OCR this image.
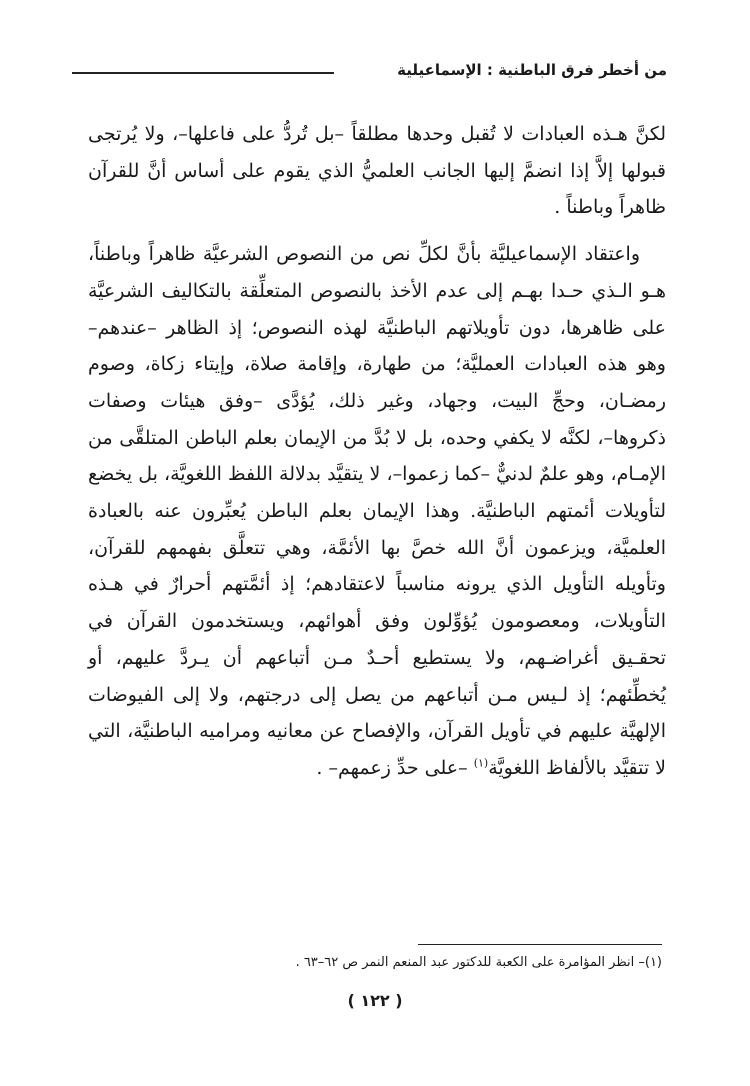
من أخطر فرق الباطنية : الإسماعيلية

لكنَّ هـذه العبادات لا تُقبل وحدها مطلقاً –بل تُردُّ على فاعلها–، ولا يُرتجى قبولها إلاَّ إذا انضمَّ إليها الجانب العلميُّ الذي يقوم على أساس أنَّ للقرآن ظاهراً وباطناً .

واعتقاد الإسماعيليَّة بأنَّ لكلِّ نص من النصوص الشرعيَّة ظاهراً وباطناً، هـو الـذي حـدا بهـم إلى عدم الأخذ بالنصوص المتعلِّقة بالتكاليف الشرعيَّة على ظاهرها، دون تأويلاتهم الباطنيَّة لهذه النصوص؛ إذ الظاهر –عندهم– وهو هذه العبادات العمليَّة؛ من طهارة، وإقامة صلاة، وإيتاء زكاة، وصوم رمضـان، وحجِّ البيت، وجهاد، وغير ذلك، يُؤدَّى –وفق هيئات وصفات ذكروها–، لكنَّه لا يكفي وحده، بل لا بُدَّ من الإيمان بعلم الباطن المتلقَّى من الإمـام، وهو علمٌ لدنيٌّ –كما زعموا–، لا يتقيَّد بدلالة اللفظ اللغويَّة، بل يخضع لتأويلات أئمتهم الباطنيَّة. وهذا الإيمان بعلم الباطن يُعبِّرون عنه بالعبادة العلميَّة، ويزعمون أنَّ الله خصَّ بها الأئمَّة، وهي تتعلَّق بفهمهم للقرآن، وتأويله التأويل الذي يرونه مناسباً لاعتقادهم؛ إذ أئمَّتهم أحرارٌ في هـذه التأويلات، ومعصومون يُؤوِّلون وفق أهوائهم، ويستخدمون القرآن في تحقـيق أغراضـهم، ولا يستطيع أحـدٌ مـن أتباعهم أن يـردَّ عليهم، أو يُخطِّئهم؛ إذ لـيس مـن أتباعهم من يصل إلى درجتهم، ولا إلى الفيوضات الإلهيَّة عليهم في تأويل القرآن، والإفصاح عن معانيه ومراميه الباطنيَّة، التي لا تتقيَّد بالألفاظ اللغويَّة$^{(١)}$ –على حدِّ زعمهم– .

(١)– انظر المؤامرة على الكعبة للدكتور عبد المنعم النمر ص ٦٢–٦٣ .
( ١٢٢ )
